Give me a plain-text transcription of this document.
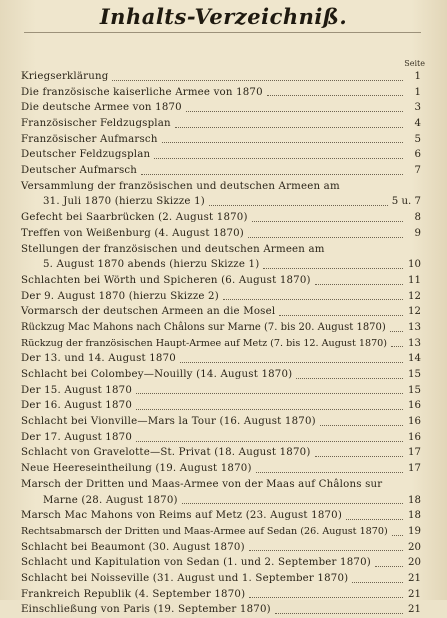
Inhalts-Verzeichniß.
Seite
Kriegserklärung	1
Die französische kaiserliche Armee von 1870	1
Die deutsche Armee von 1870	3
Französischer Feldzugsplan	4
Französischer Aufmarsch	5
Deutscher Feldzugsplan	6
Deutscher Aufmarsch	7
Versammlung der französischen und deutschen Armeen am
31. Juli 1870 (hierzu Skizze 1)	5 u. 7
Gefecht bei Saarbrücken (2. August 1870)	8
Treffen von Weißenburg (4. August 1870)	9
Stellungen der französischen und deutschen Armeen am
5. August 1870 abends (hierzu Skizze 1)	10
Schlachten bei Wörth und Spicheren (6. August 1870)	11
Der 9. August 1870 (hierzu Skizze 2)	12
Vormarsch der deutschen Armeen an die Mosel	12
Rückzug Mac Mahons nach Châlons sur Marne (7. bis 20. August 1870) 13
Rückzug der französischen Haupt-Armee auf Metz (7. bis 12. August 1870) 13
Der 13. und 14. August 1870	14
Schlacht bei Colombey—Nouilly (14. August 1870)	15
Der 15. August 1870	15
Der 16. August 1870	16
Schlacht bei Vionville—Mars la Tour (16. August 1870)	16
Der 17. August 1870	16
Schlacht von Gravelotte—St. Privat (18. August 1870)	17
Neue Heereseintheilung (19. August 1870)	17
Marsch der Dritten und Maas-Armee von der Maas auf Châlons sur
Marne (28. August 1870)	18
Marsch Mac Mahons von Reims auf Metz (23. August 1870)	18
Rechtsabmarsch der Dritten und Maas-Armee auf Sedan (26. August 1870) 19
Schlacht bei Beaumont (30. August 1870)	20
Schlacht und Kapitulation von Sedan (1. und 2. September 1870)	20
Schlacht bei Noisseville (31. August und 1. September 1870)	21
Frankreich Republik (4. September 1870)	21
Einschließung von Paris (19. September 1870)	21
